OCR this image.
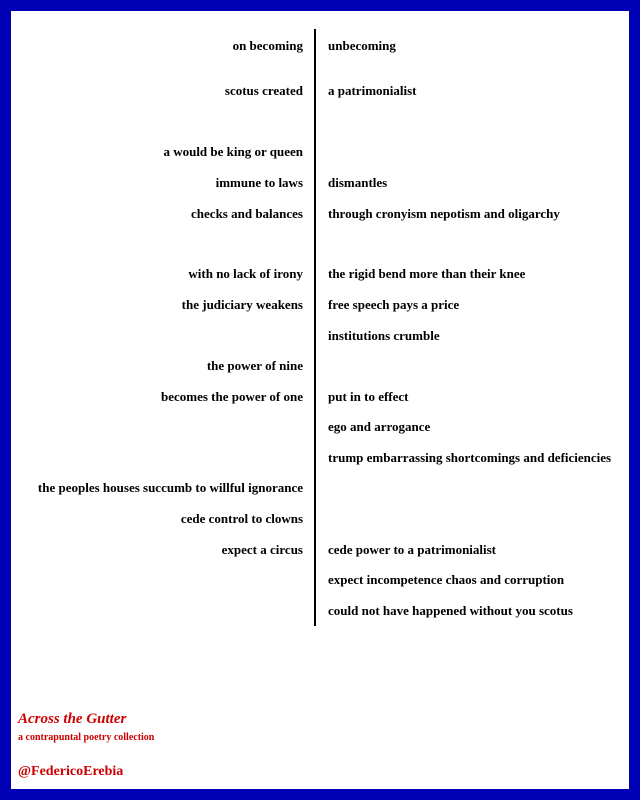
on becoming
scotus created
a would be king or queen
immune to laws
checks and balances
with no lack of irony
the judiciary weakens
the power of nine
becomes the power of one
the peoples houses succumb to willful ignorance
cede control to clowns
expect a circus
unbecoming
a patrimonialist
dismantles
through cronyism nepotism and oligarchy
the rigid bend more than their knee
free speech pays a price
institutions crumble
put in to effect
ego and arrogance
trump embarrassing shortcomings and deficiencies
cede power to a patrimonialist
expect incompetence chaos and corruption
could not have happened without you scotus
Across the Gutter
a contrapuntal poetry collection
@FedericoErebia
